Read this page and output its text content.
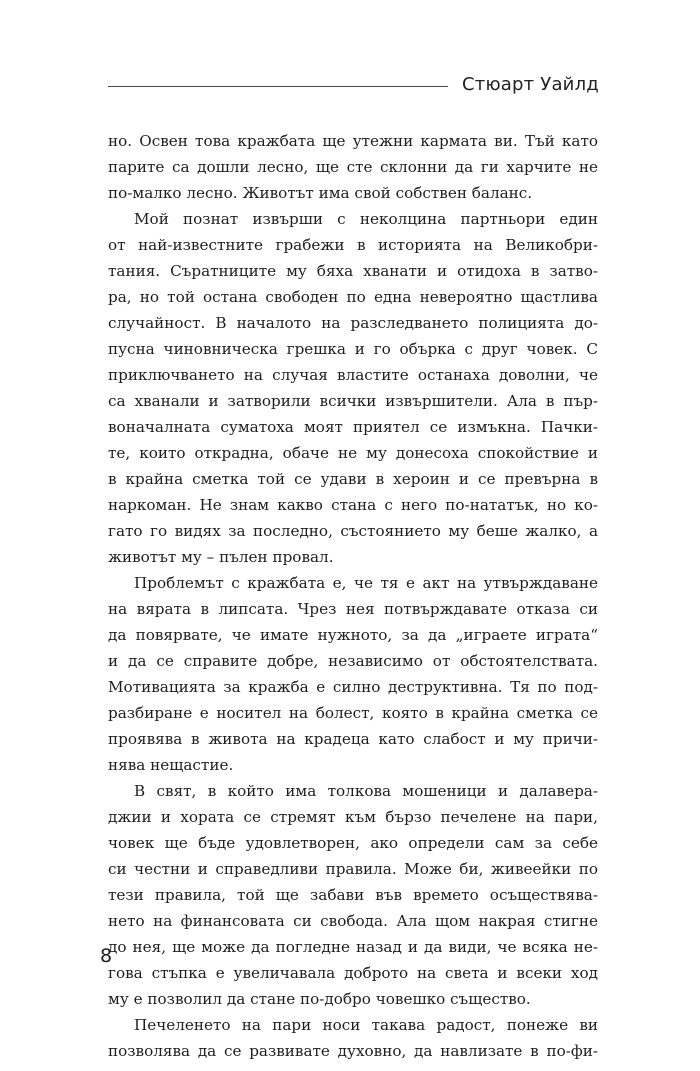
Стюарт Уайлд
но. Освен това кражбата ще утежни кармата ви. Тъй като
парите са дошли лесно, ще сте склонни да ги харчите не
по-малко лесно. Животът има свой собствен баланс.
Мой познат извърши с неколцина партньори един
от най-известните грабежи в историята на Великобри-
тания. Съратниците му бяха хванати и отидоха в затво-
ра, но той остана свободен по една невероятно щастлива
случайност. В началото на разследването полицията до-
пусна чиновническа грешка и го обърка с друг човек. С
приключването на случая властите останаха доволни, че
са хванали и затворили всички извършители. Ала в пър-
воначалната суматоха моят приятел се измъкна. Пачки-
те, които открадна, обаче не му донесоха спокойствие и
в крайна сметка той се удави в хероин и се превърна в
наркоман. Не знам какво стана с него по-нататък, но ко-
гато го видях за последно, състоянието му беше жалко, а
животът му – пълен провал.
Проблемът с кражбата е, че тя е акт на утвърждаване
на вярата в липсата. Чрез нея потвърждавате отказа си
да повярвате, че имате нужното, за да „играете играта“
и да се справите добре, независимо от обстоятелствата.
Мотивацията за кражба е силно деструктивна. Тя по под-
разбиране е носител на болест, която в крайна сметка се
проявява в живота на крадеца като слабост и му причи-
нява нещастие.
В свят, в който има толкова мошеници и далавера-
джии и хората се стремят към бързо печелене на пари,
човек ще бъде удовлетворен, ако определи сам за себе
си честни и справедливи правила. Може би, живеейки по
тези правила, той ще забави във времето осъществява-
нето на финансовата си свобода. Ала щом накрая стигне
до нея, ще може да погледне назад и да види, че всяка не-
гова стъпка е увеличавала доброто на света и всеки ход
му е позволил да стане по-добро човешко същество.
Печеленето на пари носи такава радост, понеже ви
позволява да се развивате духовно, да навлизате в по-фи-
8
